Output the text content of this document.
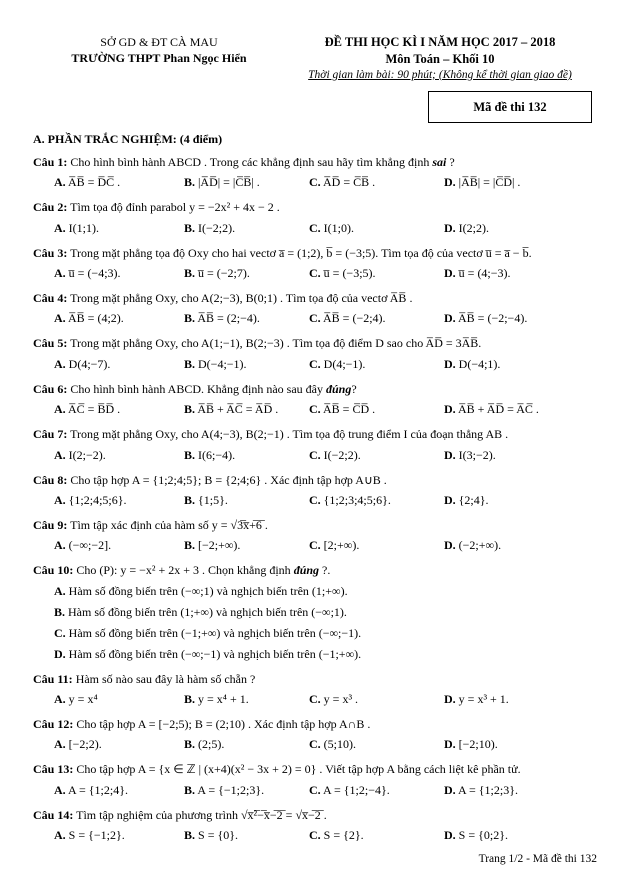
SỞ GD & ĐT CÀ MAU
TRƯỜNG THPT Phan Ngọc Hiển
ĐỀ THI HỌC KÌ I NĂM HỌC 2017 – 2018
Môn Toán – Khối 10
Thời gian làm bài: 90 phút; (Không kể thời gian giao đề)
Mã đề thi 132
A. PHẦN TRẮC NGHIỆM: (4 điểm)

Câu 1: Cho hình bình hành ABCD . Trong các khẳng định sau hãy tìm khẳng định sai ?

A. A̅B̅ = D̅C̅ .	B. |A̅D̅| = |C̅B̅| .	C. A̅D̅ = C̅B̅ .	D. |A̅B̅| = |C̅D̅| .

Câu 2: Tìm tọa độ đỉnh parabol y = −2x² + 4x − 2 .

A. I(1;1).	B. I(−2;2).	C. I(1;0).	D. I(2;2).

Câu 3: Trong mặt phẳng tọa độ Oxy cho hai vectơ a̅ = (1;2), b̅ = (−3;5). Tìm tọa độ của vectơ u̅ = a̅ − b̅.

A. u̅ = (−4;3).	B. u̅ = (−2;7).	C. u̅ = (−3;5).	D. u̅ = (4;−3).

Câu 4: Trong mặt phẳng Oxy, cho A(2;−3), B(0;1) . Tìm tọa độ của vectơ A̅B̅ .

A. A̅B̅ = (4;2).	B. A̅B̅ = (2;−4).	C. A̅B̅ = (−2;4).	D. A̅B̅ = (−2;−4).

Câu 5: Trong mặt phẳng Oxy, cho A(1;−1), B(2;−3) . Tìm tọa độ điểm D sao cho A̅D̅ = 3A̅B̅.

A. D(4;−7).	B. D(−4;−1).	C. D(4;−1).	D. D(−4;1).

Câu 6: Cho hình bình hành ABCD. Khẳng định nào sau đây đúng?

A. A̅C̅ = B̅D̅ .	B. A̅B̅ + A̅C̅ = A̅D̅ .	C. A̅B̅ = C̅D̅ .	D. A̅B̅ + A̅D̅ = A̅C̅ .

Câu 7: Trong mặt phẳng Oxy, cho A(4;−3), B(2;−1) . Tìm tọa độ trung điểm I của đoạn thẳng AB .

A. I(2;−2).	B. I(6;−4).	C. I(−2;2).	D. I(3;−2).

Câu 8: Cho tập hợp A = {1;2;4;5}; B = {2;4;6} . Xác định tập hợp A∪B .

A. {1;2;4;5;6}.	B. {1;5}.	C. {1;2;3;4;5;6}.	D. {2;4}.

Câu 9: Tìm tập xác định của hàm số y = √3̅x̅+̅6̅ .

A. (−∞;−2].	B. [−2;+∞).	C. [2;+∞).	D. (−2;+∞).

Câu 10: Cho (P): y = −x² + 2x + 3 . Chọn khẳng định đúng ?.

A. Hàm số đồng biến trên (−∞;1) và nghịch biến trên (1;+∞).
B. Hàm số đồng biến trên (1;+∞) và nghịch biến trên (−∞;1).
C. Hàm số đồng biến trên (−1;+∞) và nghịch biến trên (−∞;−1).
D. Hàm số đồng biến trên (−∞;−1) và nghịch biến trên (−1;+∞).

Câu 11: Hàm số nào sau đây là hàm số chẵn ?

A. y = x⁴	B. y = x⁴ + 1.	C. y = x³ .	D. y = x³ + 1.

Câu 12: Cho tập hợp A = [−2;5); B = (2;10) . Xác định tập hợp A∩B .

A. [−2;2).	B. (2;5).	C. (5;10).	D. [−2;10).

Câu 13: Cho tập hợp A = {x ∈ ℤ | (x+4)(x² − 3x + 2) = 0} . Viết tập hợp A bằng cách liệt kê phần tử.

A. A = {1;2;4}.	B. A = {−1;2;3}.	C. A = {1;2;−4}.	D. A = {1;2;3}.

Câu 14: Tìm tập nghiệm của phương trình √x̅²̅−̅x̅−̅2̅ = √x̅−̅2̅ .

A. S = {−1;2}.	B. S = {0}.	C. S = {2}.	D. S = {0;2}.
Trang 1/2 - Mã đề thi 132
